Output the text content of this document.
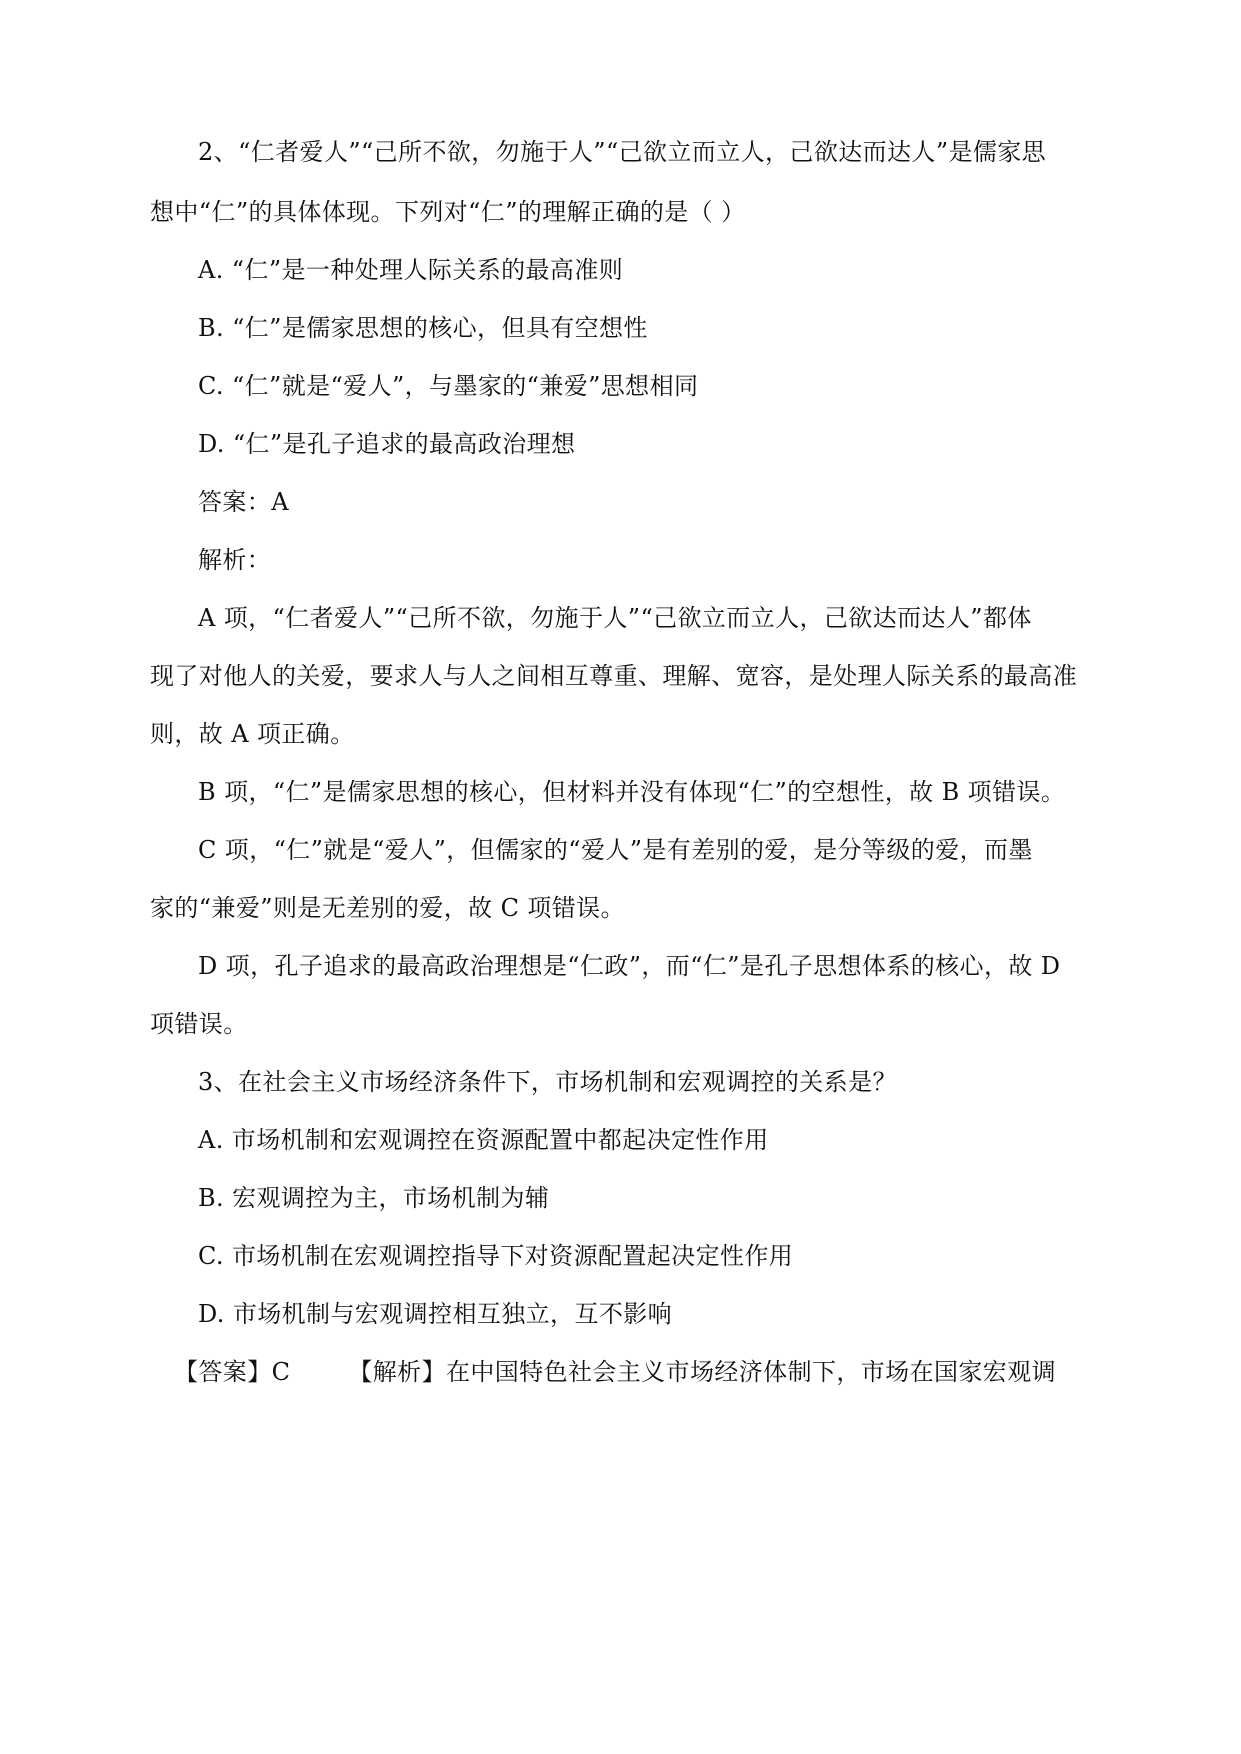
2、“仁者爱人”“己所不欲，勿施于人”“己欲立而立人，己欲达而达人”是儒家思
想中“仁”的具体体现。下列对“仁”的理解正确的是（ ）
A. “仁”是一种处理人际关系的最高准则
B. “仁”是儒家思想的核心，但具有空想性
C. “仁”就是“爱人”，与墨家的“兼爱”思想相同
D. “仁”是孔子追求的最高政治理想
答案：A
解析：
A 项，“仁者爱人”“己所不欲，勿施于人”“己欲立而立人，己欲达而达人”都体
现了对他人的关爱，要求人与人之间相互尊重、理解、宽容，是处理人际关系的最高准
则，故 A 项正确。
B 项，“仁”是儒家思想的核心，但材料并没有体现“仁”的空想性，故 B 项错误。
C 项，“仁”就是“爱人”，但儒家的“爱人”是有差别的爱，是分等级的爱，而墨
家的“兼爱”则是无差别的爱，故 C 项错误。
D 项，孔子追求的最高政治理想是“仁政”，而“仁”是孔子思想体系的核心，故 D
项错误。
3、在社会主义市场经济条件下，市场机制和宏观调控的关系是？
A. 市场机制和宏观调控在资源配置中都起决定性作用
B. 宏观调控为主，市场机制为辅
C. 市场机制在宏观调控指导下对资源配置起决定性作用
D. 市场机制与宏观调控相互独立，互不影响
【答案】C 【解析】在中国特色社会主义市场经济体制下，市场在国家宏观调
